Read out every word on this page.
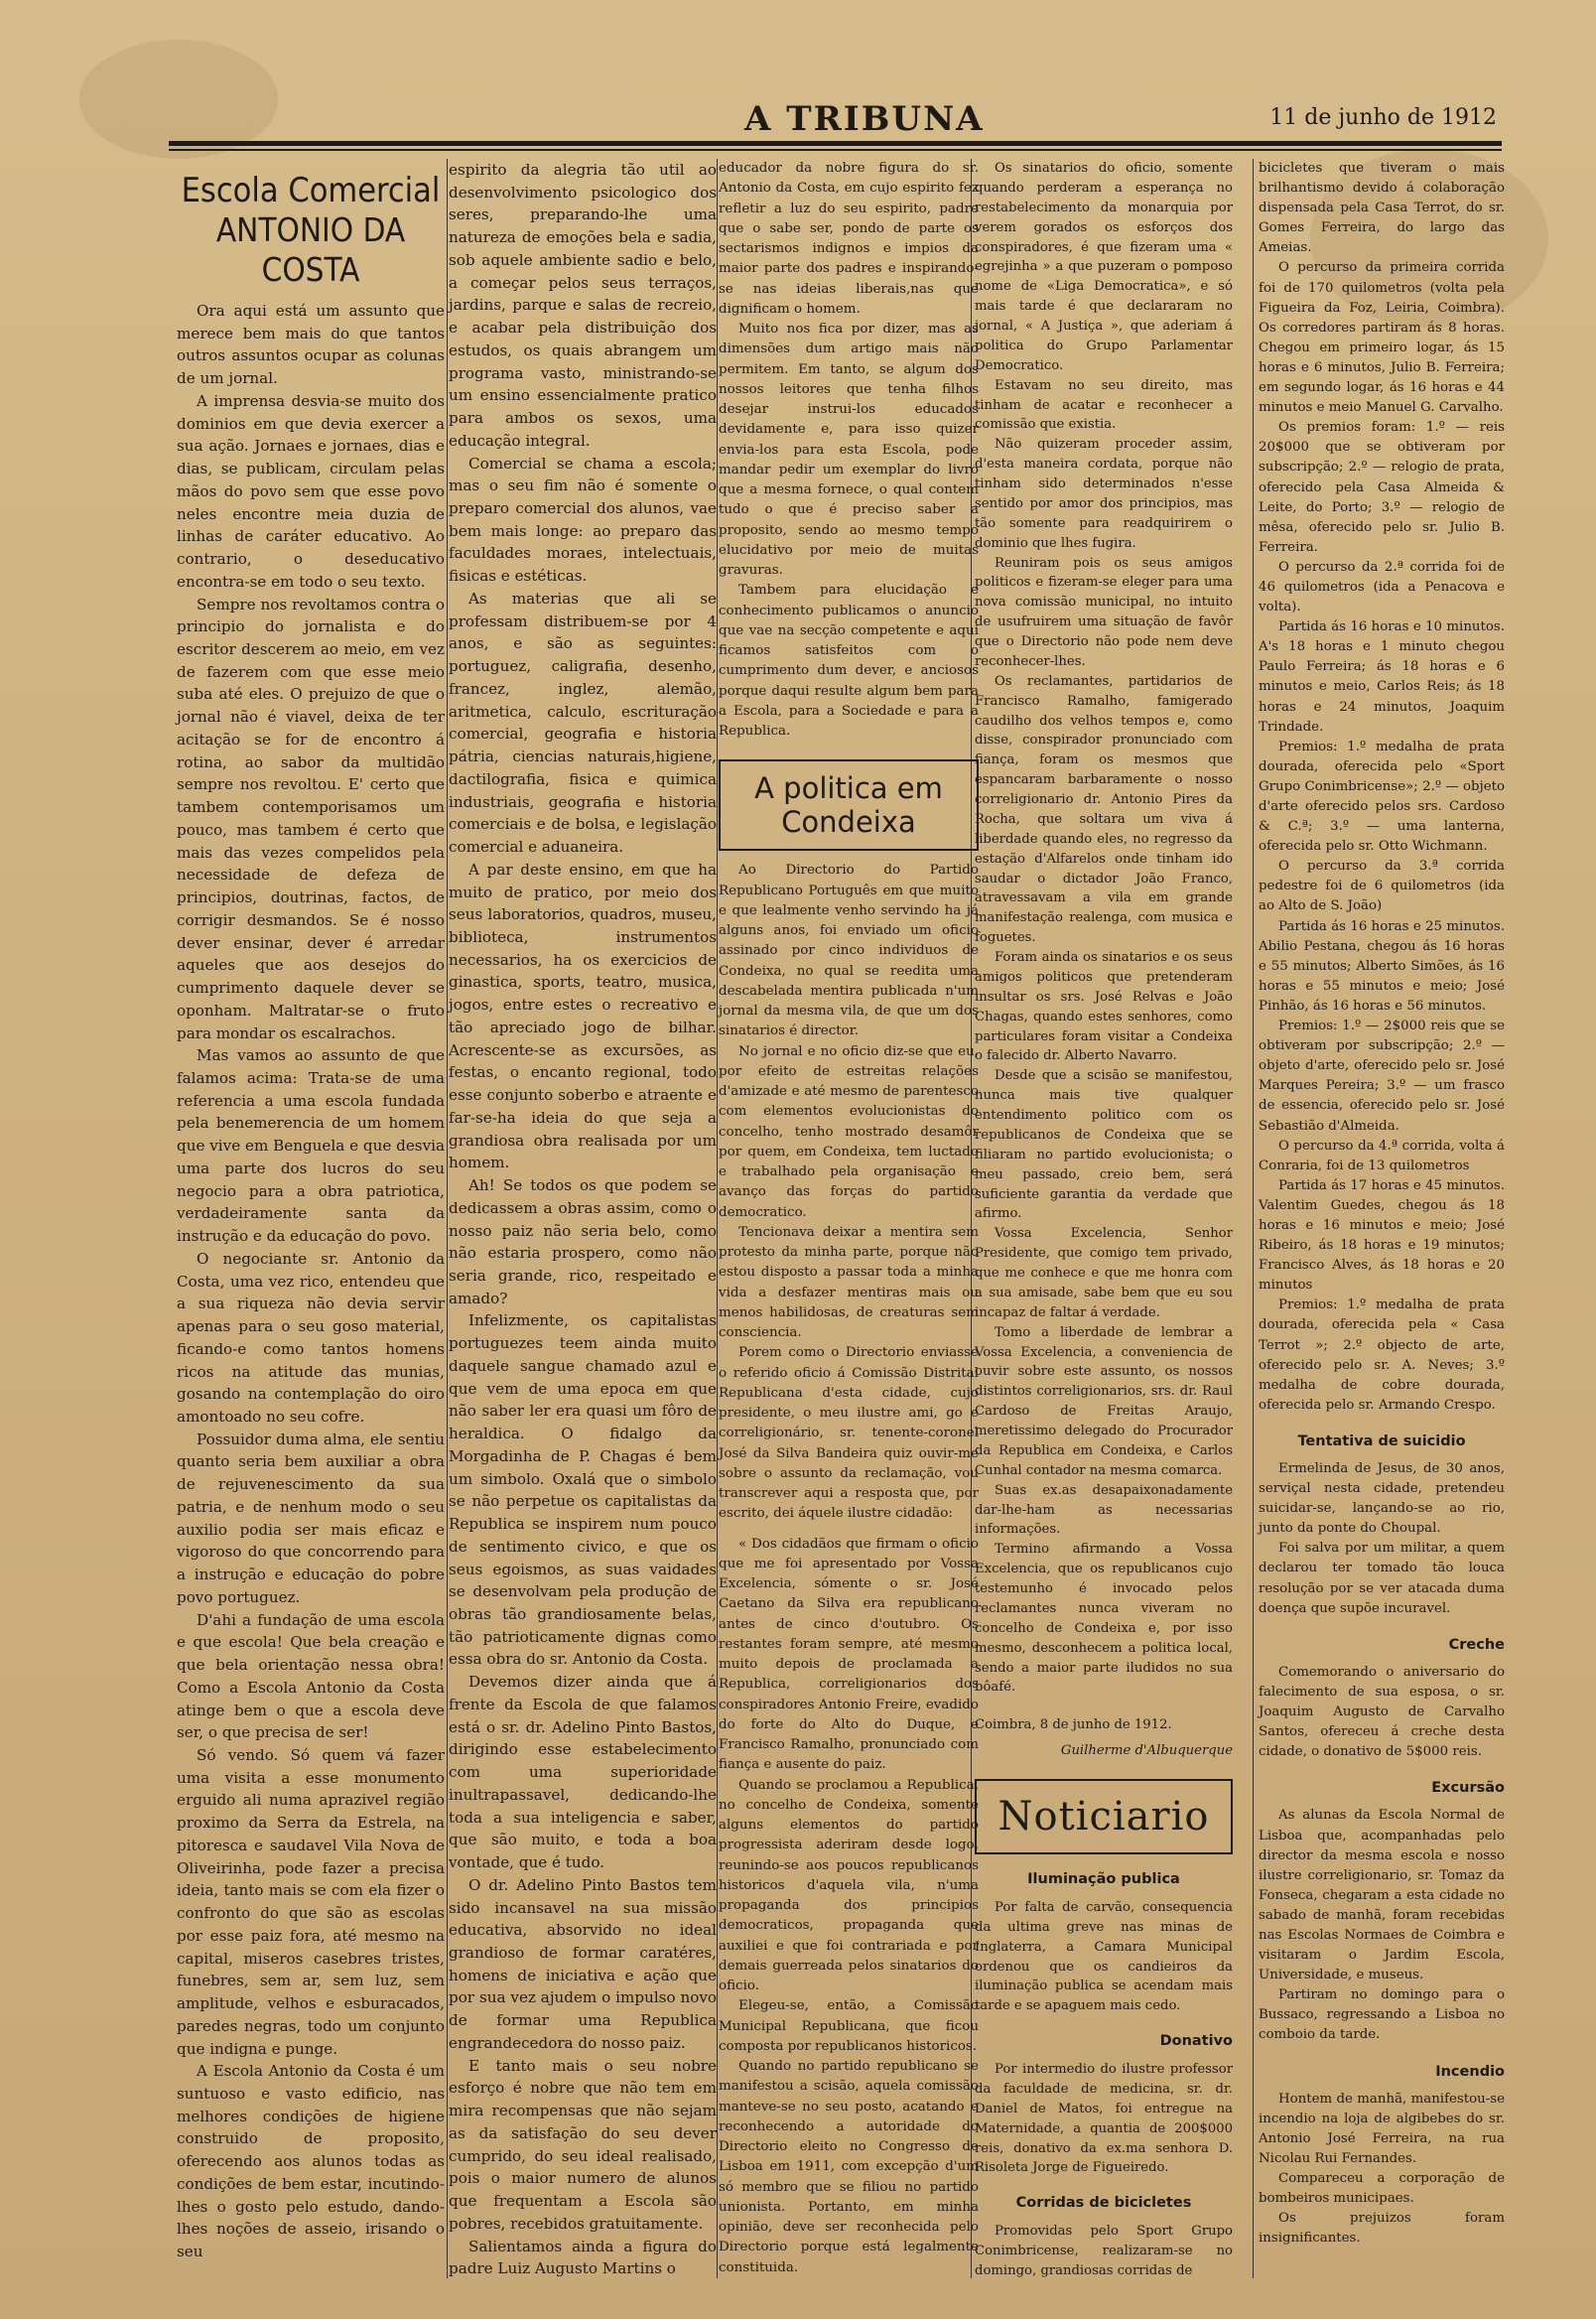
A TRIBUNA	11 de junho de 1912
Escola Comercial
ANTONIO DA COSTA

Ora aqui está um assunto que merece bem mais do que tantos outros assuntos ocupar as colunas de um jornal.

A imprensa desvia-se muito dos dominios em que devia exercer a sua ação. Jornaes e jornaes, dias e dias, se publicam, circulam pelas mãos do povo sem que esse povo neles encontre meia duzia de linhas de caráter educativo. Ao contrario, o deseducativo encontra-se em todo o seu texto.

Sempre nos revoltamos contra o principio do jornalista e do escritor descerem ao meio, em vez de fazerem com que esse meio suba até eles. O prejuizo de que o jornal não é viavel, deixa de ter acitação se for de encontro á rotina, ao sabor da multidão sempre nos revoltou. E' certo que tambem contemporisamos um pouco, mas tambem é certo que mais das vezes compelidos pela necessidade de defeza de principios, doutrinas, factos, de corrigir desmandos. Se é nosso dever ensinar, dever é arredar aqueles que aos desejos do cumprimento daquele dever se oponham. Maltratar-se o fruto para mondar os escalrachos.

Mas vamos ao assunto de que falamos acima: Trata-se de uma referencia a uma escola fundada pela benemerencia de um homem que vive em Benguela e que desvia uma parte dos lucros do seu negocio para a obra patriotica, verdadeiramente santa da instrução e da educação do povo.

O negociante sr. Antonio da Costa, uma vez rico, entendeu que a sua riqueza não devia servir apenas para o seu goso material, ficando-e como tantos homens ricos na atitude das munias, gosando na contemplação do oiro amontoado no seu cofre.

Possuidor duma alma, ele sentiu quanto seria bem auxiliar a obra de rejuvenescimento da sua patria, e de nenhum modo o seu auxilio podia ser mais eficaz e vigoroso do que concorrendo para a instrução e educação do pobre povo portuguez.

D'ahi a fundação de uma escola e que escola! Que bela creação e que bela orientação nessa obra! Como a Escola Antonio da Costa atinge bem o que a escola deve ser, o que precisa de ser!

Só vendo. Só quem vá fazer uma visita a esse monumento erguido ali numa aprazivel região proximo da Serra da Estrela, na pitoresca e saudavel Vila Nova de Oliveirinha, pode fazer a precisa ideia, tanto mais se com ela fizer o confronto do que são as escolas por esse paiz fora, até mesmo na capital, miseros casebres tristes, funebres, sem ar, sem luz, sem amplitude, velhos e esburacados, paredes negras, todo um conjunto que indigna e punge.

A Escola Antonio da Costa é um suntuoso e vasto edificio, nas melhores condições de higiene construido de proposito, oferecendo aos alunos todas as condições de bem estar, incutindo-lhes o gosto pelo estudo, dando-lhes noções de asseio, irisando o seu

espirito da alegria tão util ao desenvolvimento psicologico dos seres, preparando-lhe uma natureza de emoções bela e sadia, sob aquele ambiente sadio e belo, a começar pelos seus terraços, jardins, parque e salas de recreio, e acabar pela distribuição dos estudos, os quais abrangem um programa vasto, ministrando-se um ensino essencialmente pratico para ambos os sexos, uma educação integral.

Comercial se chama a escola; mas o seu fim não é somente o preparo comercial dos alunos, vae bem mais longe: ao preparo das faculdades moraes, intelectuais, fisicas e estéticas.

As materias que ali se professam distribuem-se por 4 anos, e são as seguintes: portuguez, caligrafia, desenho, francez, inglez, alemão, aritmetica, calculo, escrituração comercial, geografia e historia pátria, ciencias naturais,higiene, dactilografia, fisica e quimica industriais, geografia e historia comerciais e de bolsa, e legislação comercial e aduaneira.

A par deste ensino, em que ha muito de pratico, por meio dos seus laboratorios, quadros, museu, biblioteca, instrumentos necessarios, ha os exercicios de ginastica, sports, teatro, musica, jogos, entre estes o recreativo e tão apreciado jogo de bilhar. Acrescente-se as excursões, as festas, o encanto regional, todo esse conjunto soberbo e atraente e far-se-ha ideia do que seja a grandiosa obra realisada por um homem.

Ah! Se todos os que podem se dedicassem a obras assim, como o nosso paiz não seria belo, como não estaria prospero, como não seria grande, rico, respeitado e amado?

Infelizmente, os capitalistas portuguezes teem ainda muito daquele sangue chamado azul e que vem de uma epoca em que não saber ler era quasi um fôro de heraldica. O fidalgo da Morgadinha de P. Chagas é bem um simbolo. Oxalá que o simbolo se não perpetue os capitalistas da Republica se inspirem num pouco de sentimento civico, e que os seus egoismos, as suas vaidades se desenvolvam pela produção de obras tão grandiosamente belas, tão patrioticamente dignas como essa obra do sr. Antonio da Costa.

Devemos dizer ainda que á frente da Escola de que falamos está o sr. dr. Adelino Pinto Bastos, dirigindo esse estabelecimento com uma superioridade inultrapassavel, dedicando-lhe toda a sua inteligencia e saber, que são muito, e toda a boa vontade, que é tudo.

O dr. Adelino Pinto Bastos tem sido incansavel na sua missão educativa, absorvido no ideal grandioso de formar caratéres, homens de iniciativa e ação que por sua vez ajudem o impulso novo de formar uma Republica engrandecedora do nosso paiz.

E tanto mais o seu nobre esforço é nobre que não tem em mira recompensas que não sejam as da satisfação do seu dever cumprido, do seu ideal realisado, pois o maior numero de alunos que frequentam a Escola são pobres, recebidos gratuitamente.

Salientamos ainda a figura do padre Luiz Augusto Martins o

educador da nobre figura do sr. Antonio da Costa, em cujo espirito fez refletir a luz do seu espirito, padre que o sabe ser, pondo de parte os sectarismos indignos e impios da maior parte dos padres e inspirando-se nas ideias liberais,nas que dignificam o homem.

Muito nos fica por dizer, mas as dimensões dum artigo mais não permitem. Em tanto, se algum dos nossos leitores que tenha filhos desejar instrui-los educados devidamente e, para isso quizer envia-los para esta Escola, pode mandar pedir um exemplar do livro que a mesma fornece, o qual contem tudo o que é preciso saber a proposito, sendo ao mesmo tempo elucidativo por meio de muitas gravuras.

Tambem para elucidação e conhecimento publicamos o anuncio que vae na secção competente e aqui ficamos satisfeitos com o cumprimento dum dever, e anciosos porque daqui resulte algum bem para a Escola, para a Sociedade e para a Republica.

A politica em Condeixa

Ao Directorio do Partido Republicano Português em que muito e que lealmente venho servindo ha já alguns anos, foi enviado um oficio assinado por cinco individuos de Condeixa, no qual se reedita uma descabelada mentira publicada n'um jornal da mesma vila, de que um dos sinatarios é director.

No jornal e no oficio diz-se que eu, por efeito de estreitas relações d'amizade e até mesmo de parentesco com elementos evolucionistas do concelho, tenho mostrado desamôr por quem, em Condeixa, tem luctado e trabalhado pela organisação e avanço das forças do partido democratico.

Tencionava deixar a mentira sem protesto da minha parte, porque não estou disposto a passar toda a minha vida a desfazer mentiras mais ou menos habilidosas, de creaturas sem consciencia.

Porem como o Directorio enviasse o referido oficio á Comissão Distrital Republicana d'esta cidade, cujo presidente, o meu ilustre ami, go e correligionário, sr. tenente-coronel José da Silva Bandeira quiz ouvir-me sobre o assunto da reclamação, vou transcrever aqui a resposta que, por escrito, dei áquele ilustre cidadão:

« Dos cidadãos que firmam o oficio que me foi apresentado por Vossa Excelencia, sómente o sr. José Caetano da Silva era republicano antes de cinco d'outubro. Os restantes foram sempre, até mesmo muito depois de proclamada a Republica, correligionarios dos conspiradores Antonio Freire, evadido do forte do Alto do Duque, e Francisco Ramalho, pronunciado com fiança e ausente do paiz.

Quando se proclamou a Republica, no concelho de Condeixa, somente alguns elementos do partido progressista aderiram desde logo, reunindo-se aos poucos republicanos historicos d'aquela vila, n'uma propaganda dos principios democraticos, propaganda que auxiliei e que foi contrariada e por demais guerreada pelos sinatarios do oficio.

Elegeu-se, então, a Comissão Municipal Republicana, que ficou composta por republicanos historicos.

Quando no partido republicano se manifestou a scisão, aquela comissão manteve-se no seu posto, acatando e reconhecendo a autoridade do Directorio eleito no Congresso de Lisboa em 1911, com excepção d'um só membro que se filiou no partido unionista. Portanto, em minha opinião, deve ser reconhecida pelo Directorio porque está legalmente constituida.

Os sinatarios do oficio, somente quando perderam a esperança no restabelecimento da monarquia por verem gorados os esforços dos conspiradores, é que fizeram uma « egrejinha » a que puzeram o pomposo nome de «Liga Democratica», e só mais tarde é que declararam no jornal, « A Justiça », que aderiam á politica do Grupo Parlamentar Democratico.

Estavam no seu direito, mas tinham de acatar e reconhecer a comissão que existia.

Não quizeram proceder assim, d'esta maneira cordata, porque não tinham sido determinados n'esse sentido por amor dos principios, mas tão somente para readquirirem o dominio que lhes fugira.

Reuniram pois os seus amigos politicos e fizeram-se eleger para uma nova comissão municipal, no intuito de usufruirem uma situação de favôr que o Directorio não pode nem deve reconhecer-lhes.

Os reclamantes, partidarios de Francisco Ramalho, famigerado caudilho dos velhos tempos e, como disse, conspirador pronunciado com fiança, foram os mesmos que espancaram barbaramente o nosso correligionario dr. Antonio Pires da Rocha, que soltara um viva á liberdade quando eles, no regresso da estação d'Alfarelos onde tinham ido saudar o dictador João Franco, atravessavam a vila em grande manifestação realenga, com musica e foguetes.

Foram ainda os sinatarios e os seus amigos politicos que pretenderam insultar os srs. José Relvas e João Chagas, quando estes senhores, como particulares foram visitar a Condeixa o falecido dr. Alberto Navarro.

Desde que a scisão se manifestou, nunca mais tive qualquer entendimento politico com os republicanos de Condeixa que se filiaram no partido evolucionista; o meu passado, creio bem, será suficiente garantia da verdade que afirmo.

Vossa Excelencia, Senhor Presidente, que comigo tem privado, que me conhece e que me honra com a sua amisade, sabe bem que eu sou incapaz de faltar á verdade.

Tomo a liberdade de lembrar a Vossa Excelencia, a conveniencia de ouvir sobre este assunto, os nossos distintos correligionarios, srs. dr. Raul Cardoso de Freitas Araujo, meretissimo delegado do Procurador da Republica em Condeixa, e Carlos Cunhal contador na mesma comarca.

Suas ex.as desapaixonadamente dar-lhe-ham as necessarias informações.

Termino afirmando a Vossa Excelencia, que os republicanos cujo testemunho é invocado pelos reclamantes nunca viveram no concelho de Condeixa e, por isso mesmo, desconhecem a politica local, sendo a maior parte iludidos no sua bôafé.

Coimbra, 8 de junho de 1912.

Guilherme d'Albuquerque
Noticiario
Iluminação publica

Por falta de carvão, consequencia da ultima greve nas minas de Inglaterra, a Camara Municipal ordenou que os candieiros da iluminação publica se acendam mais tarde e se apaguem mais cedo.

Donativo

Por intermedio do ilustre professor da faculdade de medicina, sr. dr. Daniel de Matos, foi entregue na Maternidade, a quantia de 200$000 reis, donativo da ex.ma senhora D. Risoleta Jorge de Figueiredo.

Corridas de bicicletes

Promovidas pelo Sport Grupo Conimbricense, realizaram-se no domingo, grandiosas corridas de

bicicletes que tiveram o mais brilhantismo devido á colaboração dispensada pela Casa Terrot, do sr. Gomes Ferreira, do largo das Ameias.

O percurso da primeira corrida foi de 170 quilometros (volta pela Figueira da Foz, Leiria, Coimbra). Os corredores partiram ás 8 horas. Chegou em primeiro logar, ás 15 horas e 6 minutos, Julio B. Ferreira; em segundo logar, ás 16 horas e 44 minutos e meio Manuel G. Carvalho.

Os premios foram: 1.º — reis 20$000 que se obtiveram por subscripção; 2.º — relogio de prata, oferecido pela Casa Almeida & Leite, do Porto; 3.º — relogio de mêsa, oferecido pelo sr. Julio B. Ferreira.

O percurso da 2.ª corrida foi de 46 quilometros (ida a Penacova e volta).

Partida ás 16 horas e 10 minutos. A's 18 horas e 1 minuto chegou Paulo Ferreira; ás 18 horas e 6 minutos e meio, Carlos Reis; ás 18 horas e 24 minutos, Joaquim Trindade.

Premios: 1.º medalha de prata dourada, oferecida pelo «Sport Grupo Conimbricense»; 2.º — objeto d'arte oferecido pelos srs. Cardoso & C.ª; 3.º — uma lanterna, oferecida pelo sr. Otto Wichmann.

O percurso da 3.ª corrida pedestre foi de 6 quilometros (ida ao Alto de S. João)

Partida ás 16 horas e 25 minutos. Abilio Pestana, chegou ás 16 horas e 55 minutos; Alberto Simões, ás 16 horas e 55 minutos e meio; José Pinhão, ás 16 horas e 56 minutos.

Premios: 1.º — 2$000 reis que se obtiveram por subscripção; 2.º — objeto d'arte, oferecido pelo sr. José Marques Pereira; 3.º — um frasco de essencia, oferecido pelo sr. José Sebastião d'Almeida.

O percurso da 4.ª corrida, volta á Conraria, foi de 13 quilometros

Partida ás 17 horas e 45 minutos. Valentim Guedes, chegou ás 18 horas e 16 minutos e meio; José Ribeiro, ás 18 horas e 19 minutos; Francisco Alves, ás 18 horas e 20 minutos

Premios: 1.º medalha de prata dourada, oferecida pela « Casa Terrot »; 2.º objecto de arte, oferecido pelo sr. A. Neves; 3.º medalha de cobre dourada, oferecida pelo sr. Armando Crespo.

Tentativa de suicidio

Ermelinda de Jesus, de 30 anos, serviçal nesta cidade, pretendeu suicidar-se, lançando-se ao rio, junto da ponte do Choupal.

Foi salva por um militar, a quem declarou ter tomado tão louca resolução por se ver atacada duma doença que supõe incuravel.

Creche

Comemorando o aniversario do falecimento de sua esposa, o sr. Joaquim Augusto de Carvalho Santos, ofereceu á creche desta cidade, o donativo de 5$000 reis.

Excursão

As alunas da Escola Normal de Lisboa que, acompanhadas pelo director da mesma escola e nosso ilustre correligionario, sr. Tomaz da Fonseca, chegaram a esta cidade no sabado de manhã, foram recebidas nas Escolas Normaes de Coimbra e visitaram o Jardim Escola, Universidade, e museus.

Partiram no domingo para o Bussaco, regressando a Lisboa no comboio da tarde.

Incendio

Hontem de manhã, manifestou-se incendio na loja de algibebes do sr. Antonio José Ferreira, na rua Nicolau Rui Fernandes.

Compareceu a corporação de bombeiros municipaes.

Os prejuizos foram insignificantes.
